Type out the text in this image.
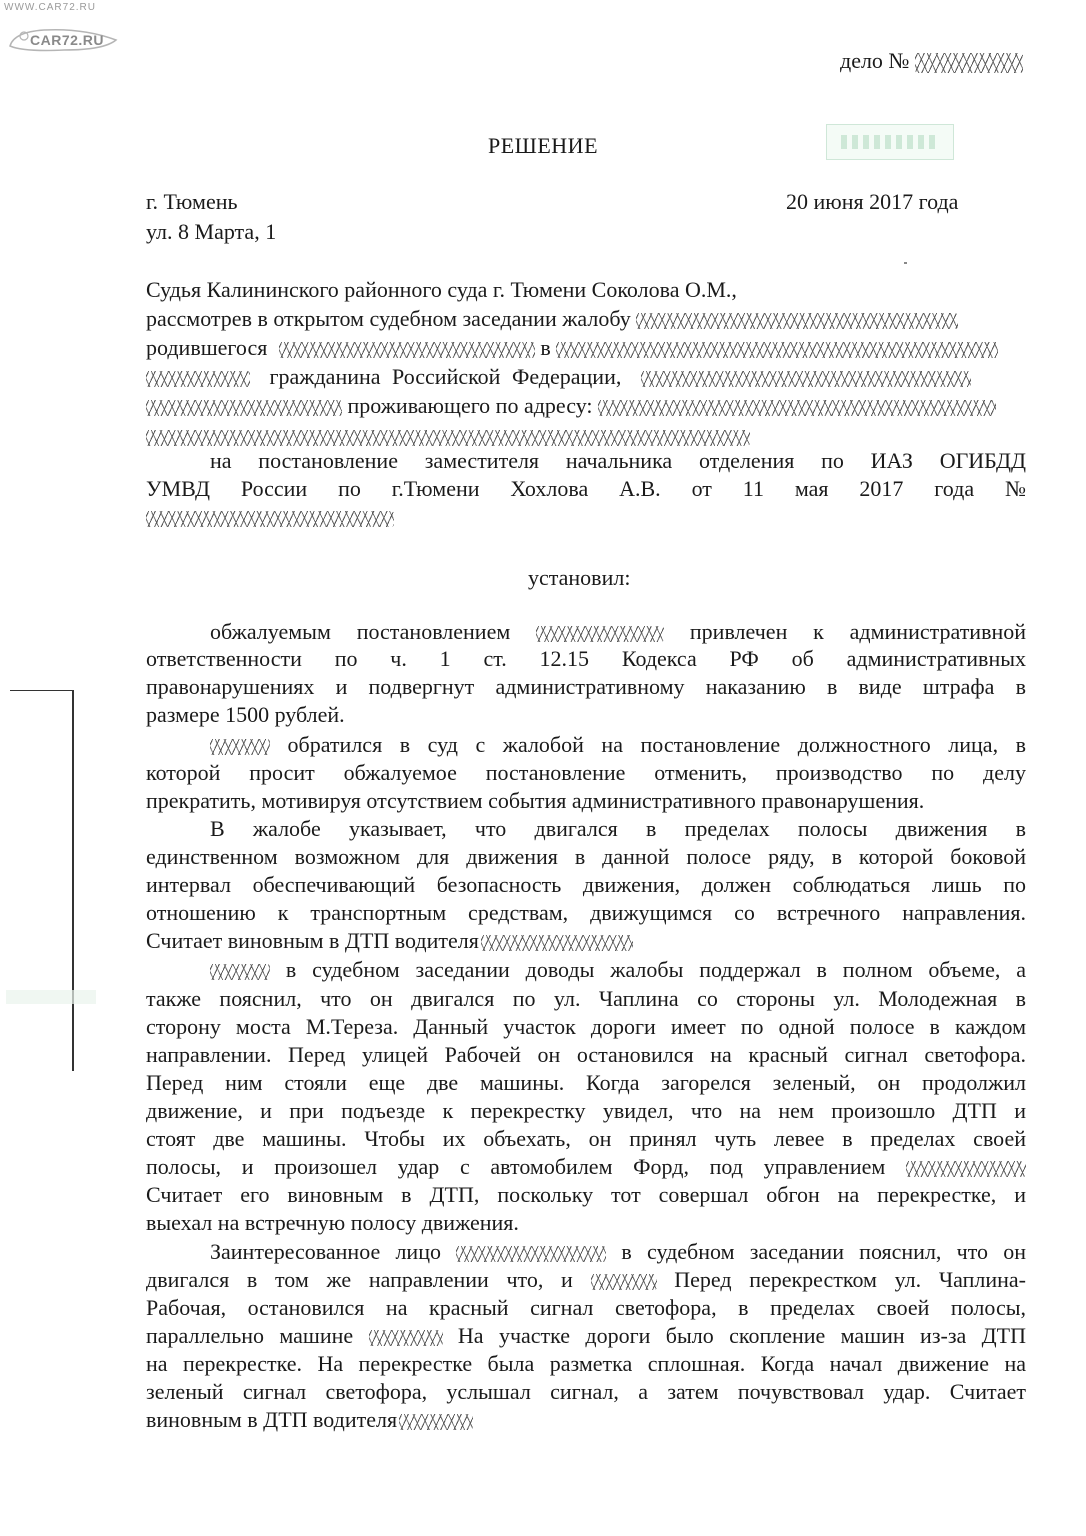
WWW.CAR72.RU
CAR72.RU
дело №
РЕШЕНИЕ
г. Тюмень	20 июня 2017 года
ул. 8 Марта, 1
Судья Калининского районного суда г. Тюмени Соколова О.М.,
рассмотрев в открытом судебном заседании жалобу
родившегося	в
гражданина Российской Федерации,
проживающего по адресу:
на постановление заместителя начальника отделения по ИАЗ ОГИБДД
УМВД России по г.Тюмени Хохлова А.В. от 11 мая 2017 года №
установил:
обжалуемым постановлением	привлечен к административной
ответственности по ч. 1 ст. 12.15 Кодекса РФ об административных
правонарушениях и подвергнут административному наказанию в виде штрафа в
размере 1500 рублей.
обратился в суд с жалобой на постановление должностного лица, в
которой просит обжалуемое постановление отменить, производство по делу
прекратить, мотивируя отсутствием события административного правонарушения.
В жалобе указывает, что двигался в пределах полосы движения в
единственном возможном для движения в данной полосе ряду, в которой боковой
интервал обеспечивающий безопасность движения, должен соблюдаться лишь по
отношению к транспортным средствам, движущимся со встречного направления.
Считает виновным в ДТП водителя
в судебном заседании доводы жалобы поддержал в полном объеме, а
также пояснил, что он двигался по ул. Чаплина со стороны ул. Молодежная в
сторону моста М.Тереза. Данный участок дороги имеет по одной полосе в каждом
направлении. Перед улицей Рабочей он остановился на красный сигнал светофора.
Перед ним стояли еще две машины. Когда загорелся зеленый, он продолжил
движение, и при подъезде к перекрестку увидел, что на нем произошло ДТП и
стоят две машины. Чтобы их объехать, он принял чуть левее в пределах своей
полосы, и произошел удар с автомобилем Форд, под управлением
Считает его виновным в ДТП, поскольку тот совершал обгон на перекрестке, и
выехал на встречную полосу движения.
Заинтересованное лицо	в судебном заседании пояснил, что он
двигался в том же направлении что, и	Перед перекрестком ул. Чаплина-
Рабочая, остановился на красный сигнал светофора, в пределах своей полосы,
параллельно машине	На участке дороги было скопление машин из-за ДТП
на перекрестке. На перекрестке была разметка сплошная. Когда начал движение на
зеленый сигнал светофора, услышал сигнал, а затем почувствовал удар. Считает
виновным в ДТП водителя
